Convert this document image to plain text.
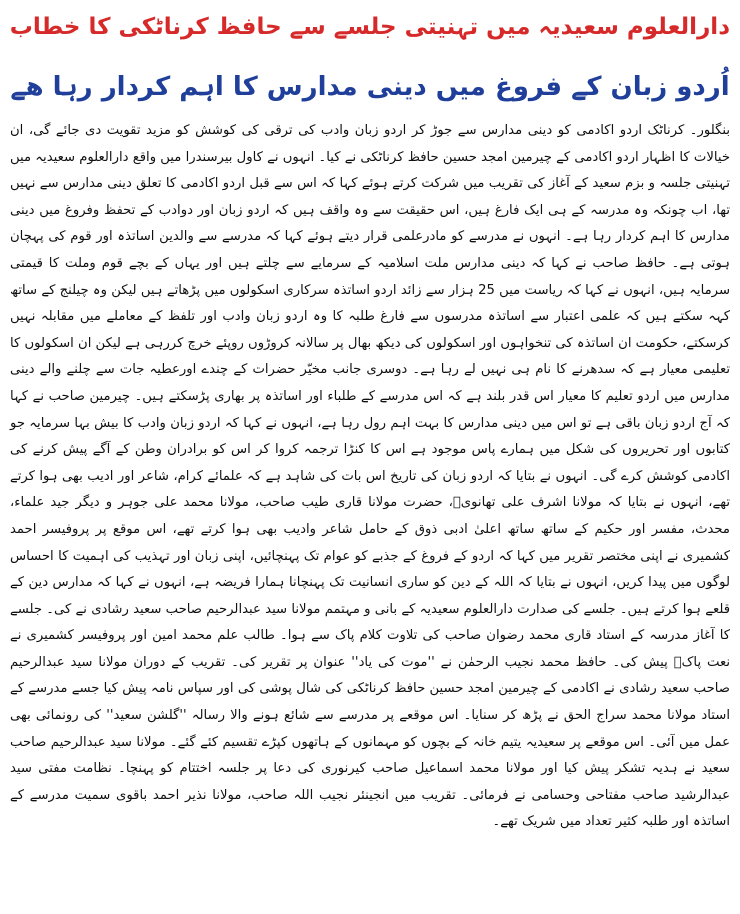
دارالعلوم سعیدیہ میں تہنیتی جلسے سے حافظ کرناٹکی کا خطاب
اُردو زبان کے فروغ میں دینی مدارس کا اہم کردار رہا ھے

بنگلور۔ کرناٹک اردو اکادمی کو دینی مدارس سے جوڑ کر اردو زبان وادب کی ترقی کی کوشش کو مزید تقویت دی جائے گی، ان خیالات کا اظہار اردو اکادمی کے چیرمین امجد حسین حافظ کرناٹکی نے کیا۔ انہوں نے کاول بیرسندرا میں واقع دارالعلوم سعیدیہ میں تہنیتی جلسہ و بزم سعید کے آغاز کی تقریب میں شرکت کرتے ہوئے کہا کہ اس سے قبل اردو اکادمی کا تعلق دینی مدارس سے نہیں تھا، اب چونکہ وہ مدرسہ کے ہی ایک فارغ ہیں، اس حقیقت سے وہ واقف ہیں کہ اردو زبان اور دوادب کے تحفظ وفروغ میں دینی مدارس کا اہم کردار رہا ہے۔ انہوں نے مدرسے کو مادرعلمی قرار دیتے ہوئے کہا کہ مدرسے سے والدین اساتذہ اور قوم کی پہچان ہوتی ہے۔ حافظ صاحب نے کہا کہ دینی مدارس ملت اسلامیہ کے سرمایے سے چلتے ہیں اور یہاں کے بچے قوم وملت کا قیمتی سرمایہ ہیں، انہوں نے کہا کہ ریاست میں 25 ہزار سے زائد اردو اساتذہ سرکاری اسکولوں میں پڑھاتے ہیں لیکن وہ چیلنج کے ساتھ کہہ سکتے ہیں کہ علمی اعتبار سے اساتذہ مدرسوں سے فارغ طلبہ کا وہ اردو زبان وادب اور تلفظ کے معاملے میں مقابلہ نہیں کرسکتے، حکومت ان اساتذہ کی تنخواہوں اور اسکولوں کی دیکھ بھال پر سالانہ کروڑوں روپئے خرچ کررہی ہے لیکن ان اسکولوں کا تعلیمی معیار ہے کہ سدھرنے کا نام ہی نہیں لے رہا ہے۔ دوسری جانب مخیّر حضرات کے چندے اورعطیہ جات سے چلنے والے دینی مدارس میں اردو تعلیم کا معیار اس قدر بلند ہے کہ اس مدرسے کے طلباء اور اساتذہ پر بھاری پڑسکتے ہیں۔ چیرمین صاحب نے کہا کہ آج اردو زبان باقی ہے تو اس میں دینی مدارس کا بہت اہم رول رہا ہے، انہوں نے کہا کہ اردو زبان وادب کا بیش بہا سرمایہ جو کتابوں اور تحریروں کی شکل میں ہمارے پاس موجود ہے اس کا کنڑا ترجمہ کروا کر اس کو برادران وطن کے آگے پیش کرنے کی اکادمی کوشش کرے گی۔ انہوں نے بتایا کہ اردو زبان کی تاریخ اس بات کی شاہد ہے کہ علمائے کرام، شاعر اور ادیب بھی ہوا کرتے تھے، انہوں نے بتایا کہ مولانا اشرف علی تھانویؒ، حضرت مولانا قاری طیب صاحب، مولانا محمد علی جوہر و دیگر جید علماء، محدث، مفسر اور حکیم کے ساتھ ساتھ اعلیٰ ادبی ذوق کے حامل شاعر وادیب بھی ہوا کرتے تھے، اس موقع پر پروفیسر احمد کشمیری نے اپنی مختصر تقریر میں کہا کہ اردو کے فروغ کے جذبے کو عوام تک پہنچائیں، اپنی زبان اور تہذیب کی اہمیت کا احساس لوگوں میں پیدا کریں، انہوں نے بتایا کہ اللہ کے دین کو ساری انسانیت تک پہنچانا ہمارا فریضہ ہے، انہوں نے کہا کہ مدارس دین کے قلعے ہوا کرتے ہیں۔ جلسے کی صدارت دارالعلوم سعیدیہ کے بانی و مہتمم مولانا سید عبدالرحیم صاحب سعید رشادی نے کی۔ جلسے کا آغاز مدرسہ کے استاد قاری محمد رضوان صاحب کی تلاوت کلام پاک سے ہوا۔ طالب علم محمد امین اور پروفیسر کشمیری نے نعت پاکؐ پیش کی۔ حافظ محمد نجیب الرحمٰن نے ''موت کی یاد'' عنوان پر تقریر کی۔ تقریب کے دوران مولانا سید عبدالرحیم صاحب سعید رشادی نے اکادمی کے چیرمین امجد حسین حافظ کرناٹکی کی شال پوشی کی اور سپاس نامہ پیش کیا جسے مدرسے کے استاد مولانا محمد سراج الحق نے پڑھ کر سنایا۔ اس موقعے پر مدرسے سے شائع ہونے والا رسالہ ''گلشن سعید'' کی رونمائی بھی عمل میں آئی۔ اس موقعے پر سعیدیہ یتیم خانہ کے بچوں کو مہمانوں کے ہاتھوں کپڑے تقسیم کئے گئے۔ مولانا سید عبدالرحیم صاحب سعید نے ہدیہ تشکر پیش کیا اور مولانا محمد اسماعیل صاحب کیرنوری کی دعا پر جلسہ اختتام کو پہنچا۔ نظامت مفتی سید عبدالرشید صاحب مفتاحی وحسامی نے فرمائی۔ تقریب میں انجینئر نجیب اللہ صاحب، مولانا نذیر احمد باقوی سمیت مدرسے کے اساتذہ اور طلبہ کثیر تعداد میں شریک تھے۔
